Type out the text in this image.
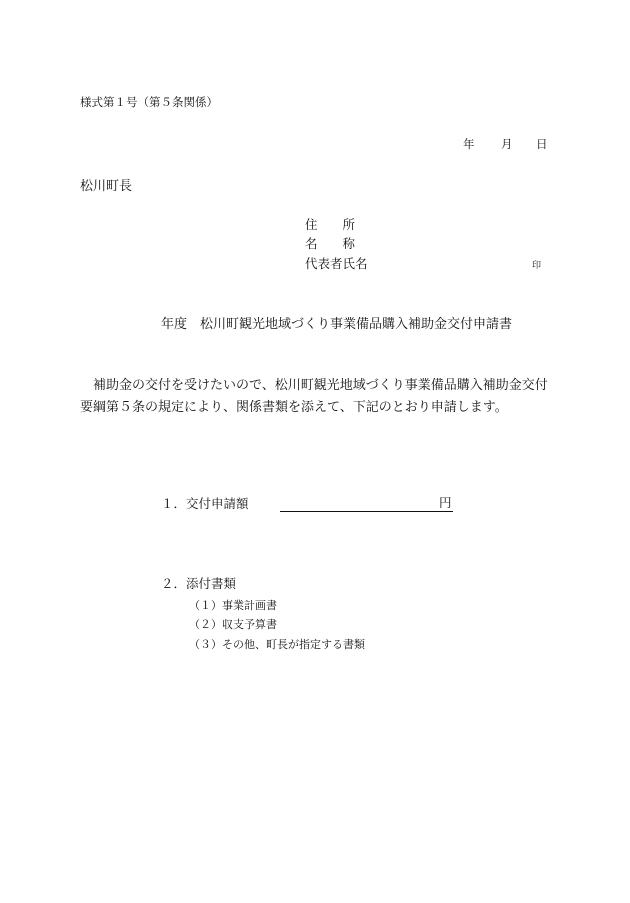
様式第１号（第５条関係）
年 月 日
松川町長
住　　所
名　　称
代表者氏名	印
年度　松川町観光地域づくり事業備品購入補助金交付申請書
補助金の交付を受けたいので、松川町観光地域づくり事業備品購入補助金交付要綱第５条の規定により、関係書類を添えて、下記のとおり申請します。
１．交付申請額	円
２．添付書類
（１）事業計画書
（２）収支予算書
（３）その他、町長が指定する書類
